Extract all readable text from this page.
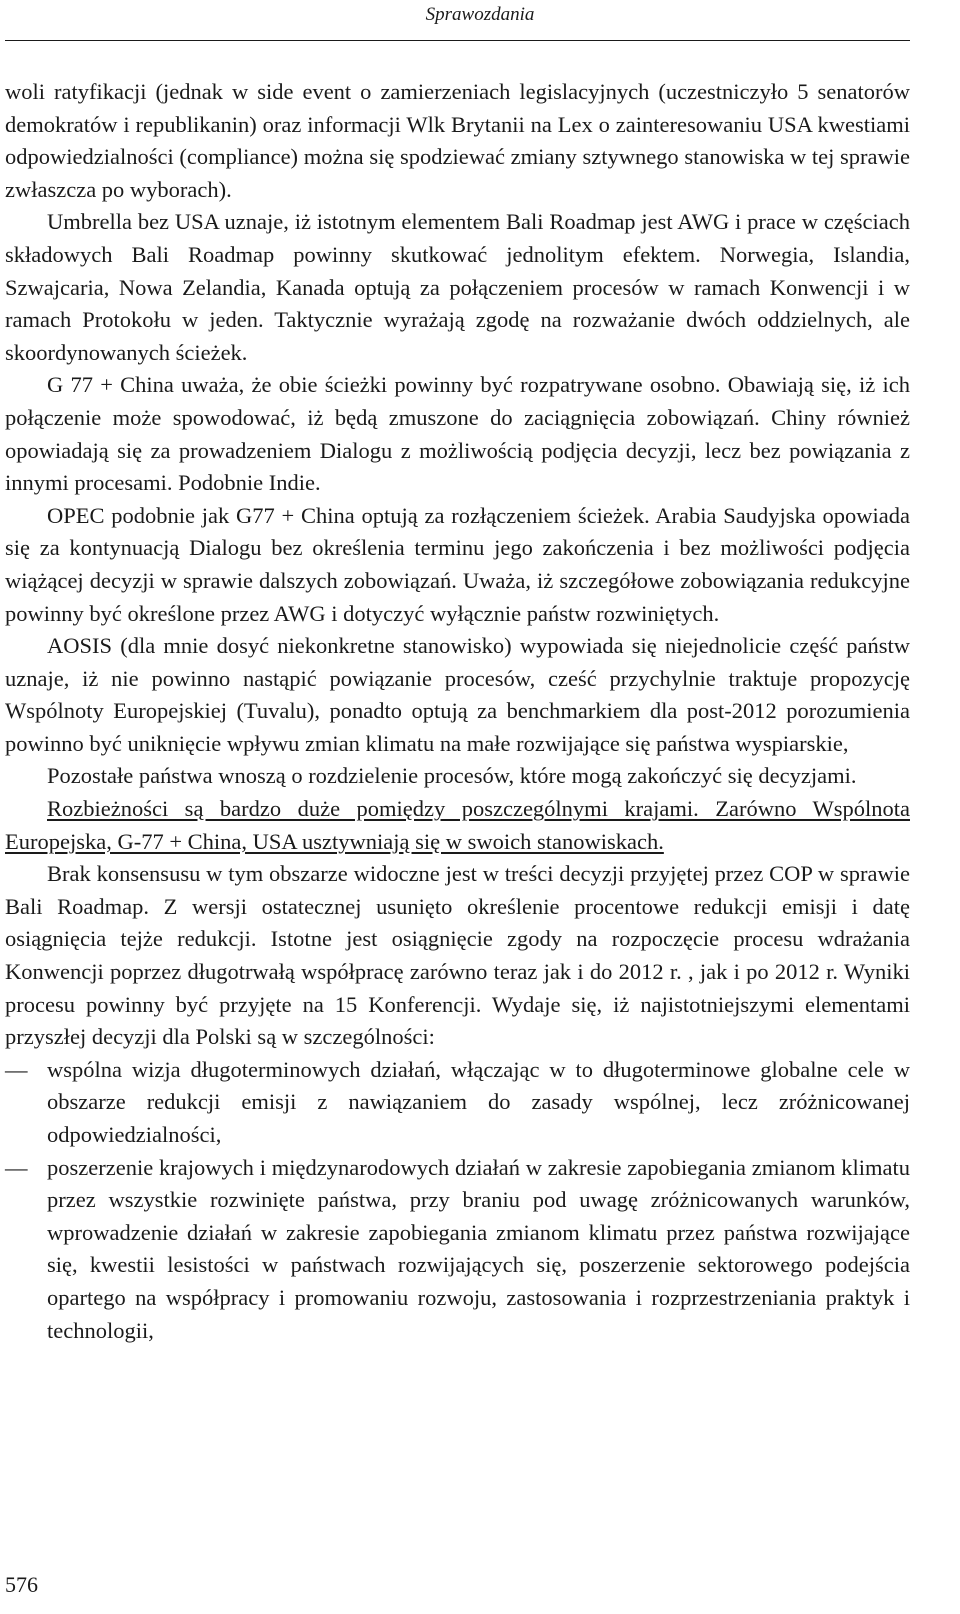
Sprawozdania

woli ratyfikacji (jednak w side event o zamierzeniach legislacyjnych (uczestniczyło 5 senatorów demokratów i republikanin) oraz informacji Wlk Brytanii na Lex o zainteresowaniu USA kwestiami odpowiedzialności (compliance) można się spodziewać zmiany sztywnego stanowiska w tej sprawie zwłaszcza po wyborach).

Umbrella bez USA uznaje, iż istotnym elementem Bali Roadmap jest AWG i prace w częściach składowych Bali Roadmap powinny skutkować jednolitym efektem. Norwegia, Islandia, Szwajcaria, Nowa Zelandia, Kanada optują za połączeniem procesów w ramach Konwencji i w ramach Protokołu w jeden. Taktycznie wyrażają zgodę na rozważanie dwóch oddzielnych, ale skoordynowanych ścieżek.

G 77 + China uważa, że obie ścieżki powinny być rozpatrywane osobno. Obawiają się, iż ich połączenie może spowodować, iż będą zmuszone do zaciągnięcia zobowiązań. Chiny również opowiadają się za prowadzeniem Dialogu z możliwością podjęcia decyzji, lecz bez powiązania z innymi procesami. Podobnie Indie.

OPEC podobnie jak G77 + China optują za rozłączeniem ścieżek. Arabia Saudyjska opowiada się za kontynuacją Dialogu bez określenia terminu jego zakończenia i bez możliwości podjęcia wiążącej decyzji w sprawie dalszych zobowiązań. Uważa, iż szczegółowe zobowiązania redukcyjne powinny być określone przez AWG i dotyczyć wyłącznie państw rozwiniętych.

AOSIS (dla mnie dosyć niekonkretne stanowisko) wypowiada się niejednolicie część państw uznaje, iż nie powinno nastąpić powiązanie procesów, cześć przychylnie traktuje propozycję Wspólnoty Europejskiej (Tuvalu), ponadto optują za benchmarkiem dla post-2012 porozumienia powinno być uniknięcie wpływu zmian klimatu na małe rozwijające się państwa wyspiarskie,

Pozostałe państwa wnoszą o rozdzielenie procesów, które mogą zakończyć się decyzjami.

Rozbieżności są bardzo duże pomiędzy poszczególnymi krajami. Zarówno Wspólnota Europejska, G-77 + China, USA usztywniają się w swoich stanowiskach.

Brak konsensusu w tym obszarze widoczne jest w treści decyzji przyjętej przez COP w sprawie Bali Roadmap. Z wersji ostatecznej usunięto określenie procentowe redukcji emisji i datę osiągnięcia tejże redukcji. Istotne jest osiągnięcie zgody na rozpoczęcie procesu wdrażania Konwencji poprzez długotrwałą współpracę zarówno teraz jak i do 2012 r. , jak i po 2012 r. Wyniki procesu powinny być przyjęte na 15 Konferencji. Wydaje się, iż najistotniejszymi elementami przyszłej decyzji dla Polski są w szczególności:

— wspólna wizja długoterminowych działań, włączając w to długoterminowe globalne cele w obszarze redukcji emisji z nawiązaniem do zasady wspólnej, lecz zróżnicowanej odpowiedzialności,
— poszerzenie krajowych i międzynarodowych działań w zakresie zapobiegania zmianom klimatu przez wszystkie rozwinięte państwa, przy braniu pod uwagę zróżnicowanych warunków, wprowadzenie działań w zakresie zapobiegania zmianom klimatu przez państwa rozwijające się, kwestii lesistości w państwach rozwijających się, poszerzenie sektorowego podejścia opartego na współpracy i promowaniu rozwoju, zastosowania i rozprzestrzeniania praktyk i technologii,
576
